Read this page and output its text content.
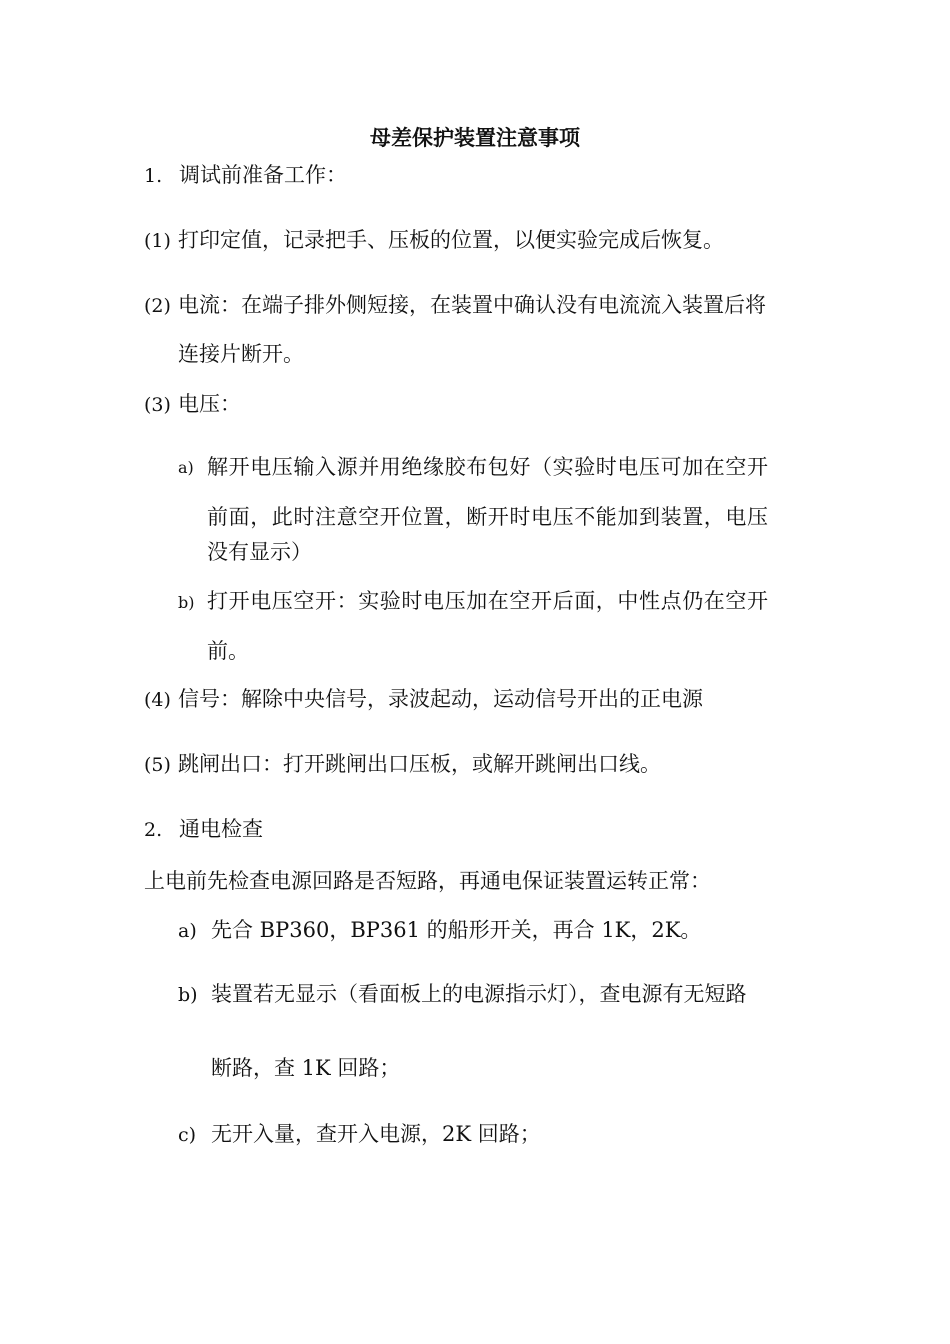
母差保护装置注意事项
1. 调试前准备工作：
(1) 打印定值，记录把手、压板的位置，以便实验完成后恢复。
(2) 电流：在端子排外侧短接，在装置中确认没有电流流入装置后将
连接片断开。
(3) 电压：
a) 解开电压输入源并用绝缘胶布包好（实验时电压可加在空开
前面，此时注意空开位置，断开时电压不能加到装置，电压
没有显示）
b) 打开电压空开：实验时电压加在空开后面，中性点仍在空开
前。
(4) 信号：解除中央信号，录波起动，运动信号开出的正电源
(5) 跳闸出口：打开跳闸出口压板，或解开跳闸出口线。
2. 通电检查
上电前先检查电源回路是否短路，再通电保证装置运转正常：
a) 先合 BP360，BP361 的船形开关，再合 1K，2K。
b) 装置若无显示（看面板上的电源指示灯），查电源有无短路
断路，查 1K 回路；
c) 无开入量，查开入电源，2K 回路；
